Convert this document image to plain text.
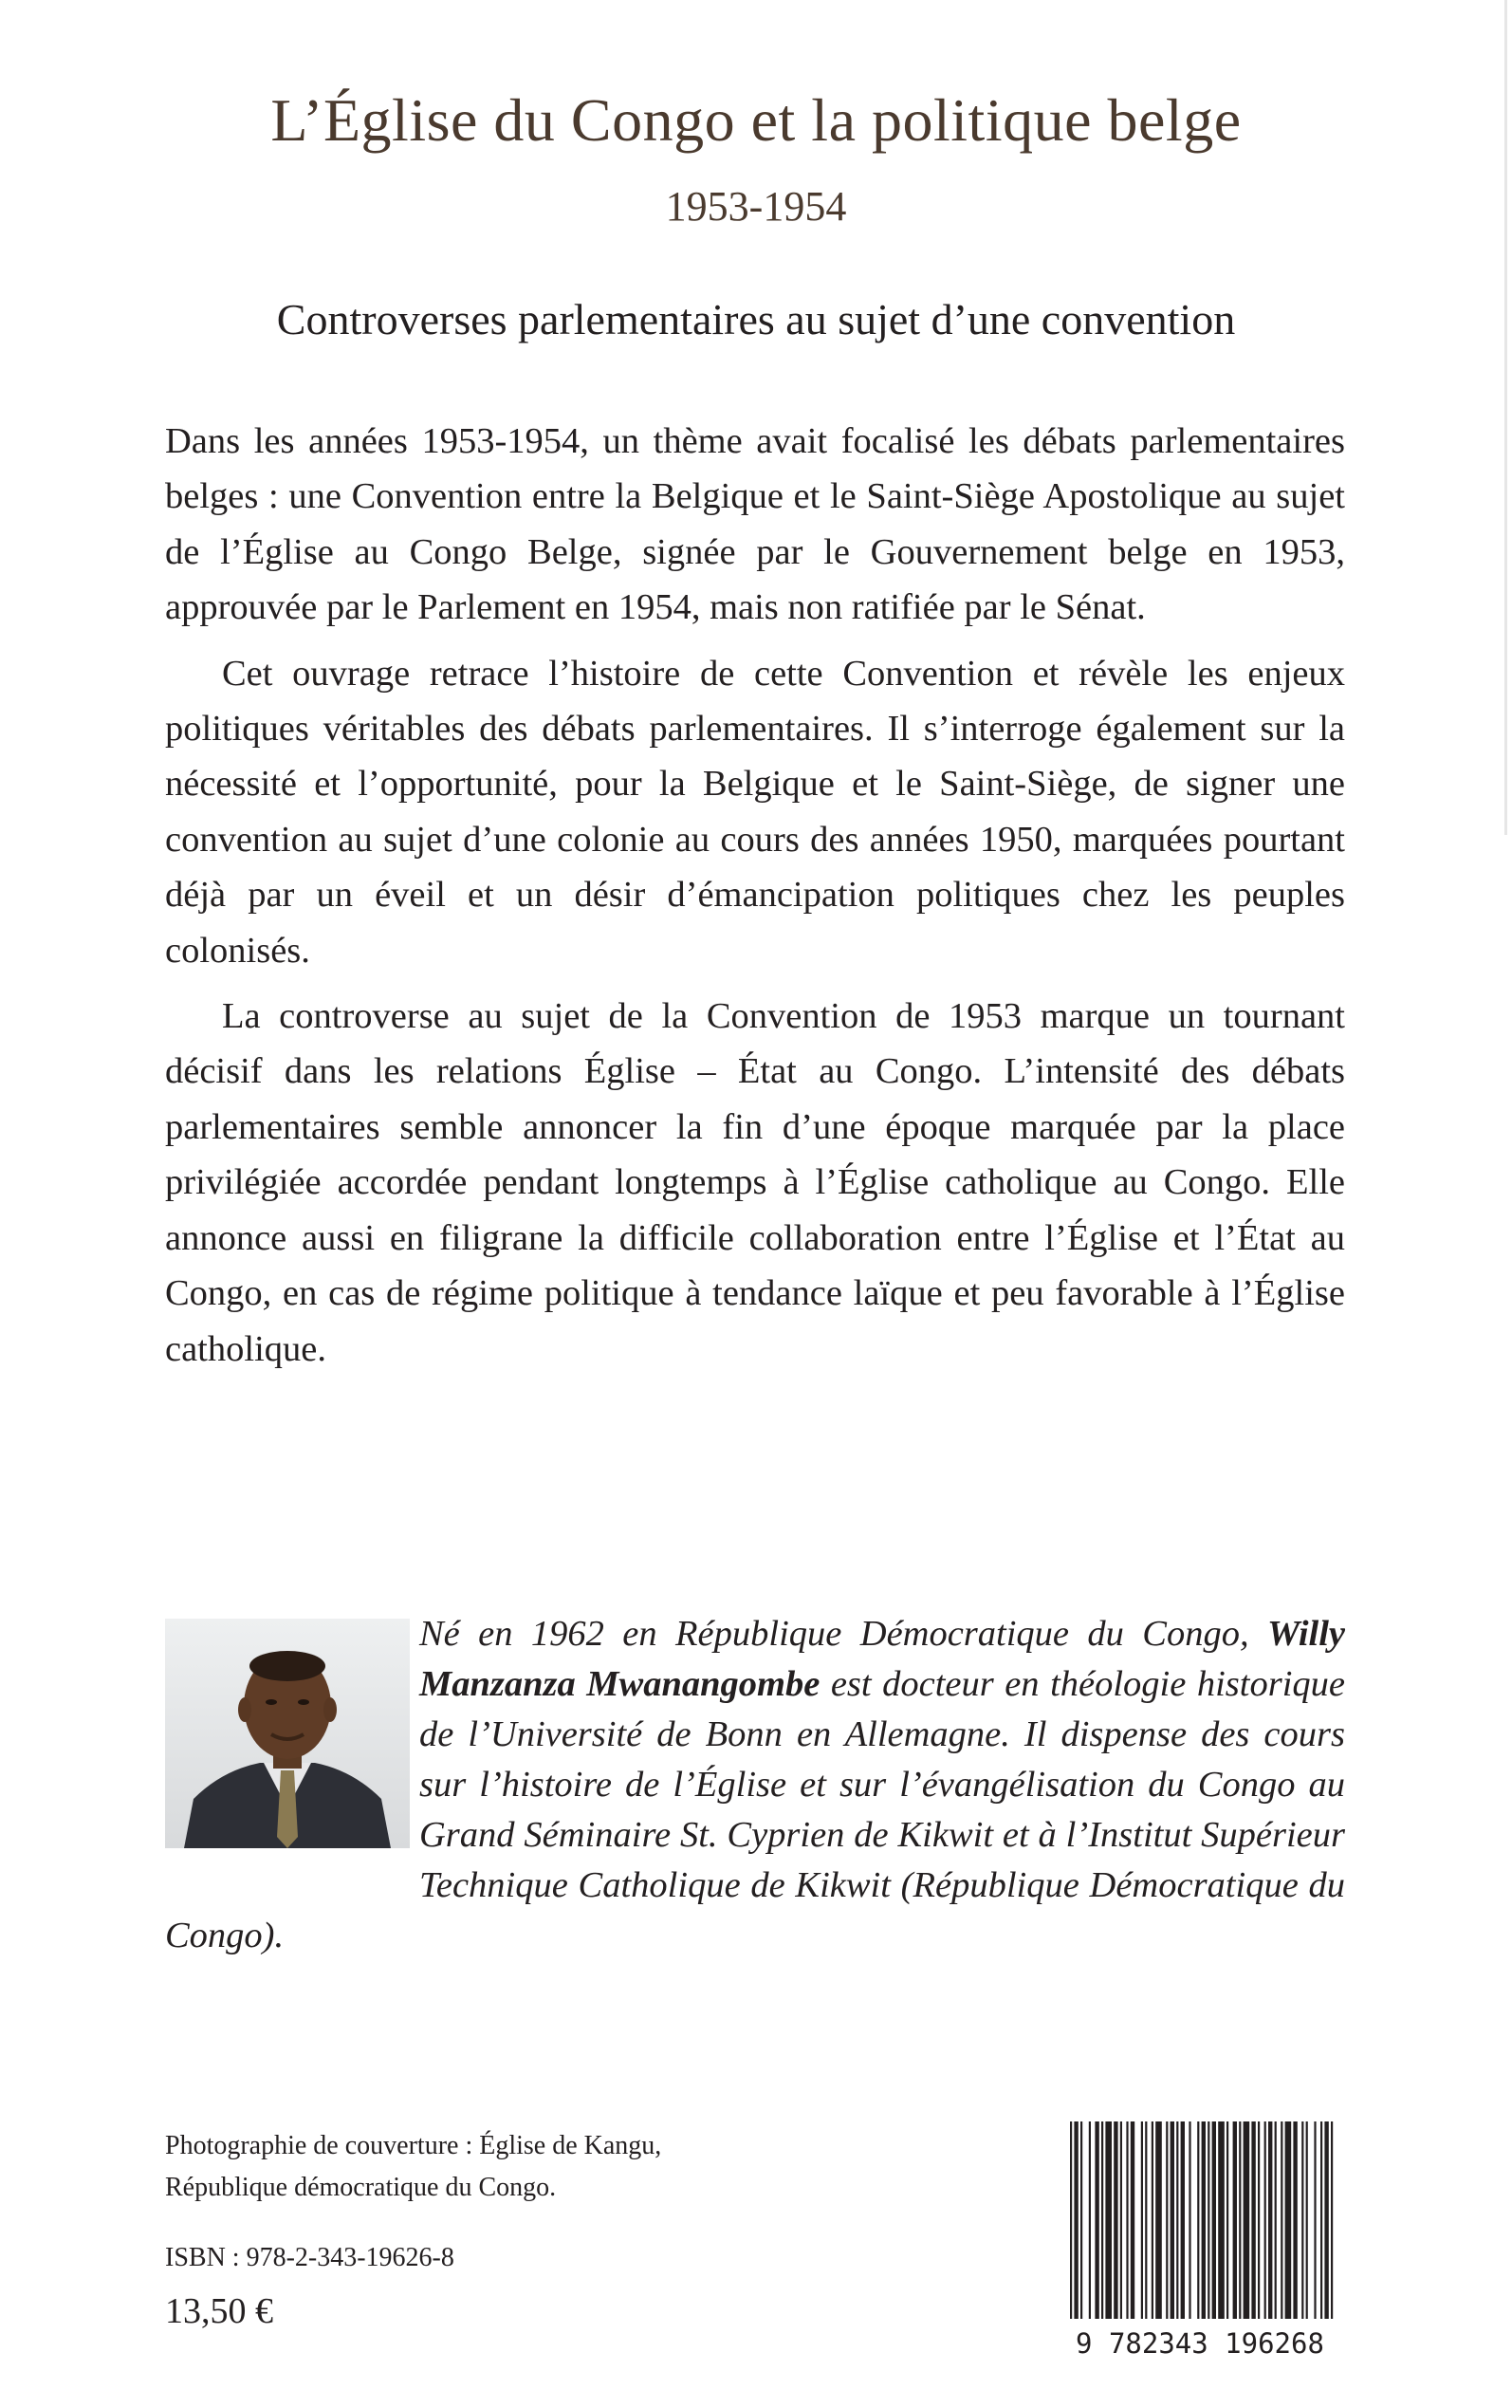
L’Église du Congo et la politique belge
1953-1954
Controverses parlementaires au sujet d’une convention

Dans les années 1953-1954, un thème avait focalisé les débats parlementaires belges : une Convention entre la Belgique et le Saint-Siège Apostolique au sujet de l’Église au Congo Belge, signée par le Gouvernement belge en 1953, approuvée par le Parlement en 1954, mais non ratifiée par le Sénat.

Cet ouvrage retrace l’histoire de cette Convention et révèle les enjeux politiques véritables des débats parlementaires. Il s’interroge également sur la nécessité et l’opportunité, pour la Belgique et le Saint-Siège, de signer une convention au sujet d’une colonie au cours des années 1950, marquées pourtant déjà par un éveil et un désir d’émancipation politiques chez les peuples colonisés.

La controverse au sujet de la Convention de 1953 marque un tournant décisif dans les relations Église – État au Congo. L’intensité des débats parlementaires semble annoncer la fin d’une époque marquée par la place privilégiée accordée pendant longtemps à l’Église catholique au Congo. Elle annonce aussi en filigrane la difficile collaboration entre l’Église et l’État au Congo, en cas de régime politique à tendance laïque et peu favorable à l’Église catholique.

Né en 1962 en République Démocratique du Congo, Willy Manzanza Mwanangombe est docteur en théologie historique de l’Université de Bonn en Allemagne. Il dispense des cours sur l’histoire de l’Église et sur l’évangélisation du Congo au Grand Séminaire St. Cyprien de Kikwit et à l’Institut Supérieur Technique Catholique de Kikwit (République Démocratique du Congo).
Photographie de couverture : Église de Kangu,
République démocratique du Congo.
ISBN : 978-2-343-19626-8
13,50 €
9 782343 196268
